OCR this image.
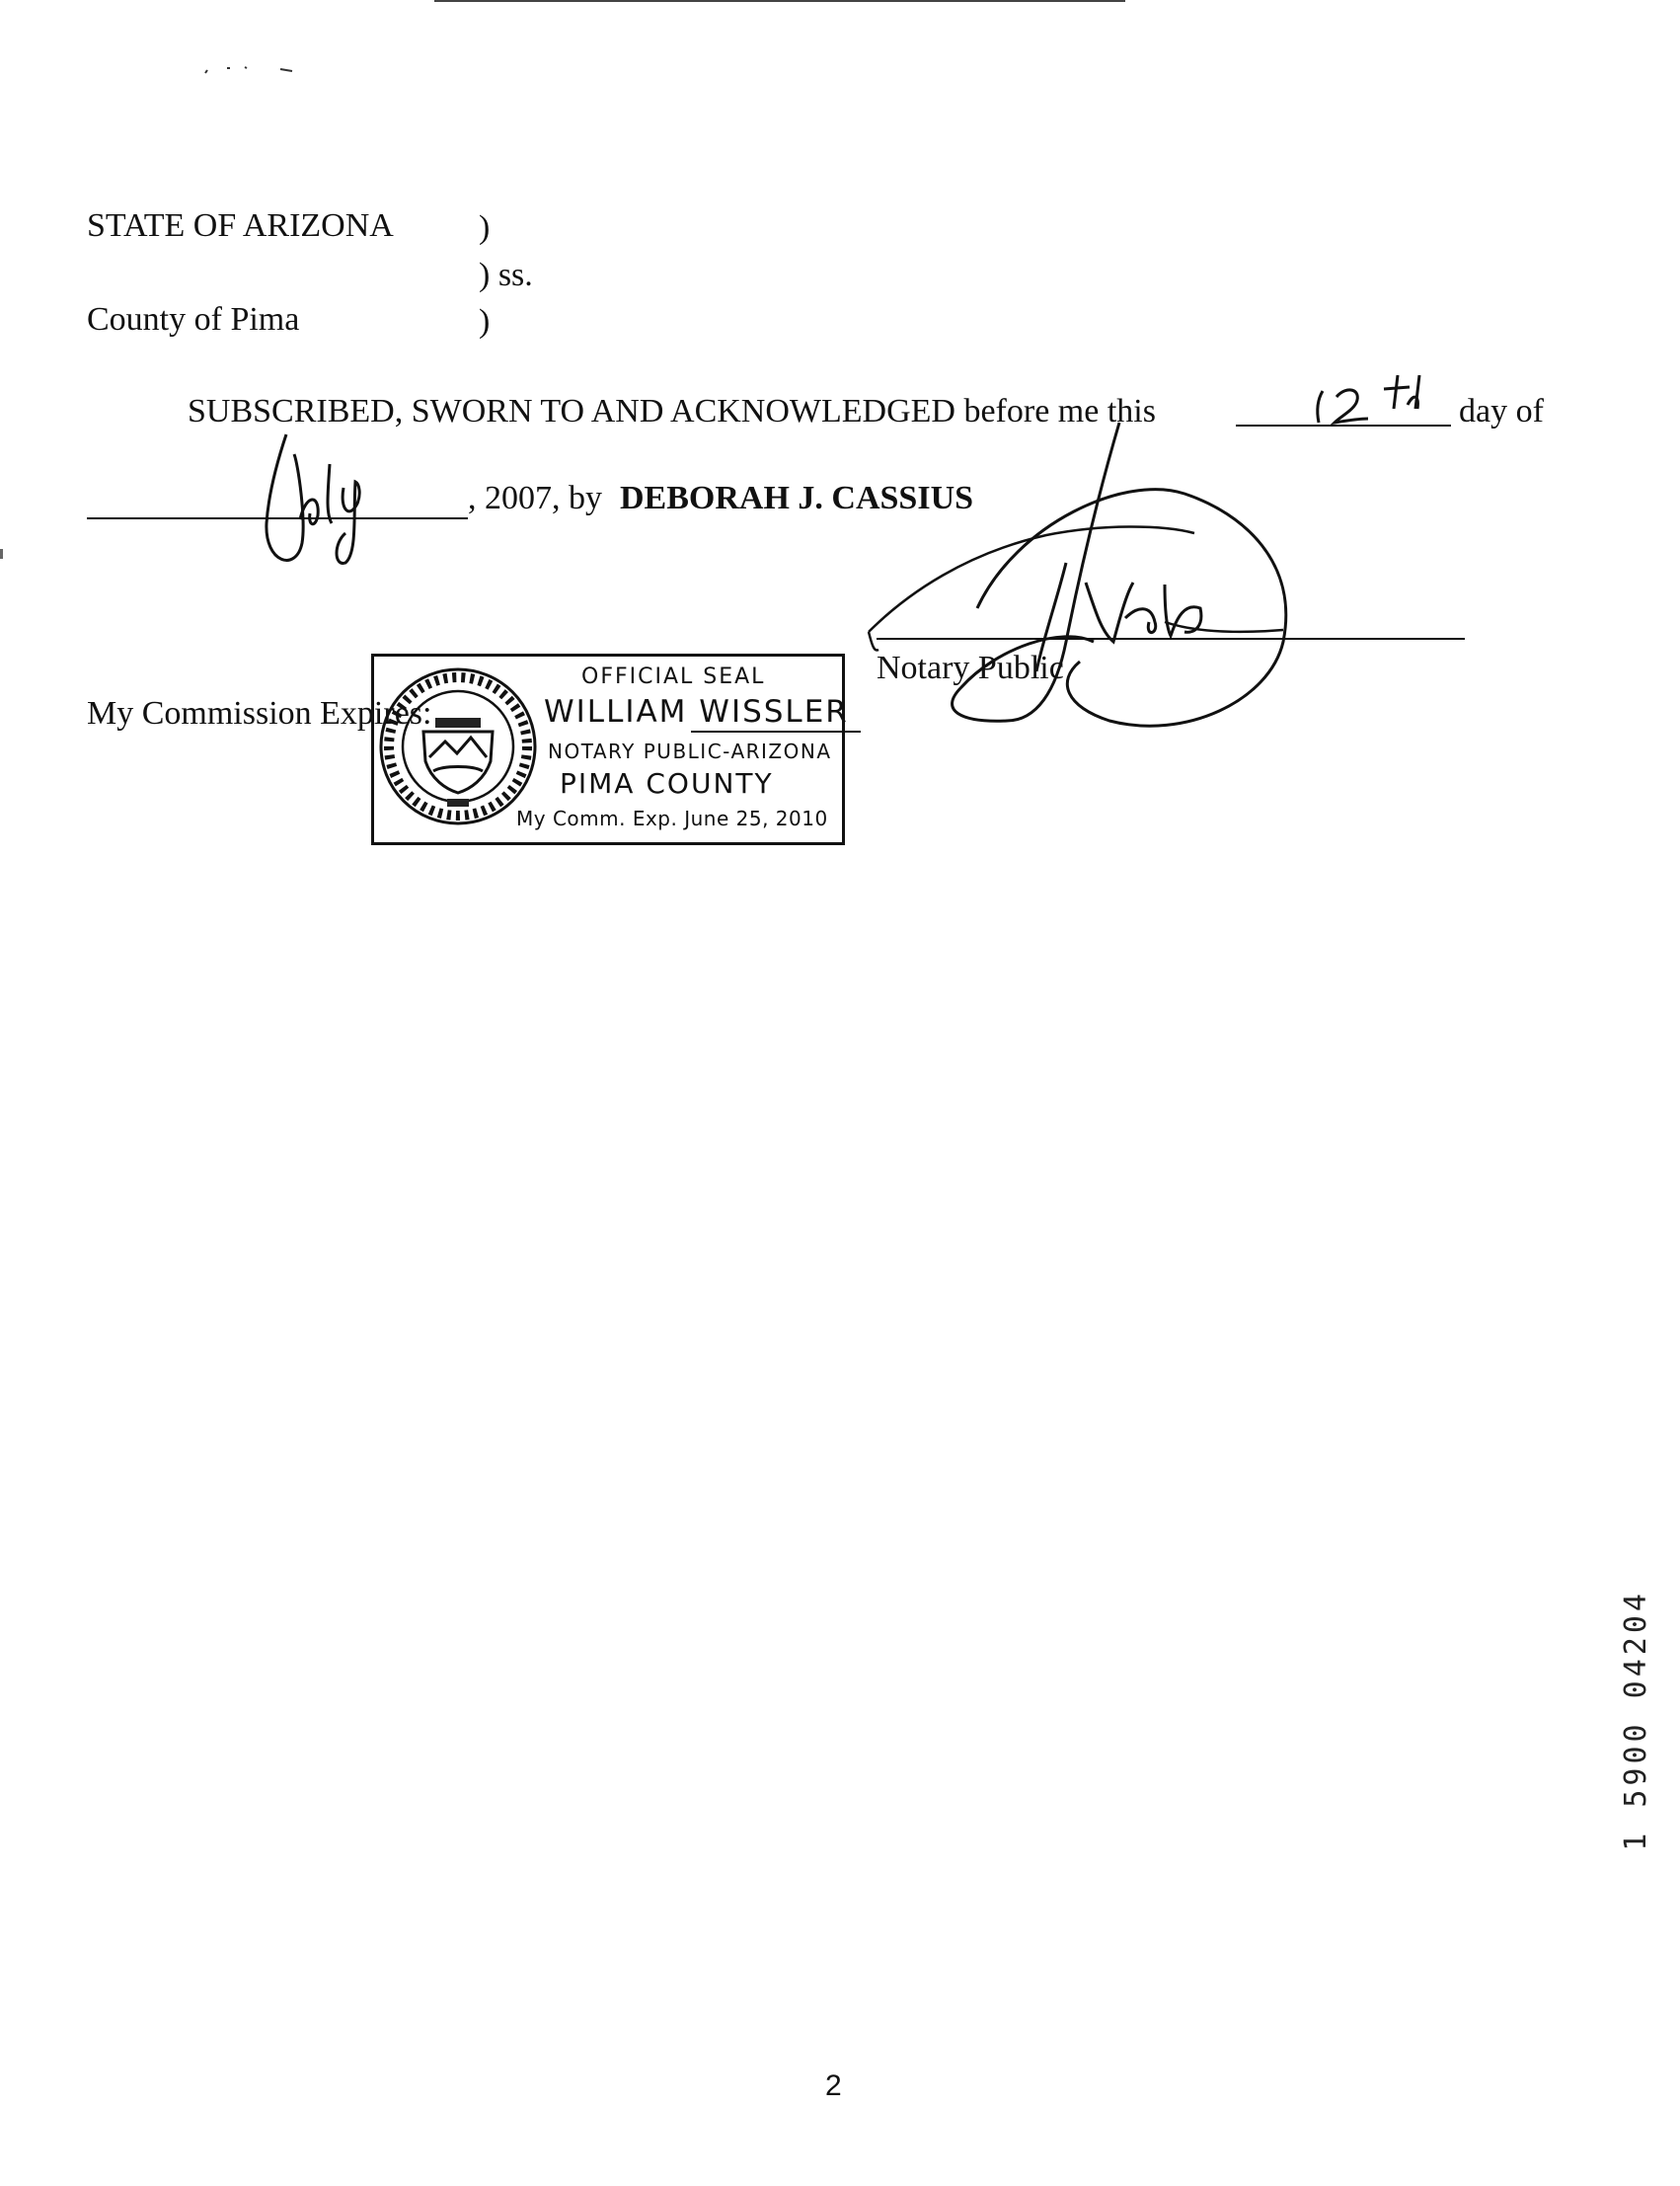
STATE OF ARIZONA	)
) ss.
County of Pima	)
SUBSCRIBED, SWORN TO AND ACKNOWLEDGED before me this	day of
, 2007, by DEBORAH J. CASSIUS
Notary Public
My Commission Expires:
OFFICIAL SEAL
WILLIAM WISSLER
NOTARY PUBLIC-ARIZONA
PIMA COUNTY
My Comm. Exp. June 25, 2010
1 5900 04204
2
